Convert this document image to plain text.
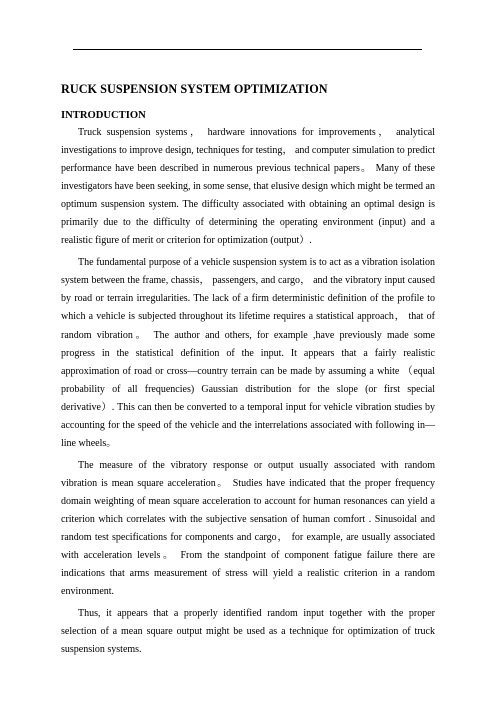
RUCK SUSPENSION SYSTEM OPTIMIZATION
INTRODUCTION

Truck suspension systems， hardware innovations for improvements， analytical investigations to improve design, techniques for testing， and computer simulation to predict performance have been described in numerous previous technical papers。 Many of these investigators have been seeking, in some sense, that elusive design which might be termed an optimum suspension system. The difficulty associated with obtaining an optimal design is primarily due to the difficulty of determining the operating environment (input) and a realistic figure of merit or criterion for optimization (output）.

The fundamental purpose of a vehicle suspension system is to act as a vibration isolation system between the frame, chassis， passengers, and cargo， and the vibratory input caused by road or terrain irregularities. The lack of a firm deterministic definition of the profile to which a vehicle is subjected throughout its lifetime requires a statistical approach， that of random vibration。 The author and others, for example ,have previously made some progress in the statistical definition of the input. It appears that a fairly realistic approximation of road or cross—country terrain can be made by assuming a white （equal probability of all frequencies) Gaussian distribution for the slope (or first special derivative）. This can then be converted to a temporal input for vehicle vibration studies by accounting for the speed of the vehicle and the interrelations associated with following in—line wheels。

The measure of the vibratory response or output usually associated with random vibration is mean square acceleration。 Studies have indicated that the proper frequency domain weighting of mean square acceleration to account for human resonances can yield a criterion which correlates with the subjective sensation of human comfort . Sinusoidal and random test specifications for components and cargo， for example, are usually associated with acceleration levels。 From the standpoint of component fatigue failure there are indications that arms measurement of stress will yield a realistic criterion in a random environment.

Thus, it appears that a properly identified random input together with the proper selection of a mean square output might be used as a technique for optimization of truck suspension systems.
